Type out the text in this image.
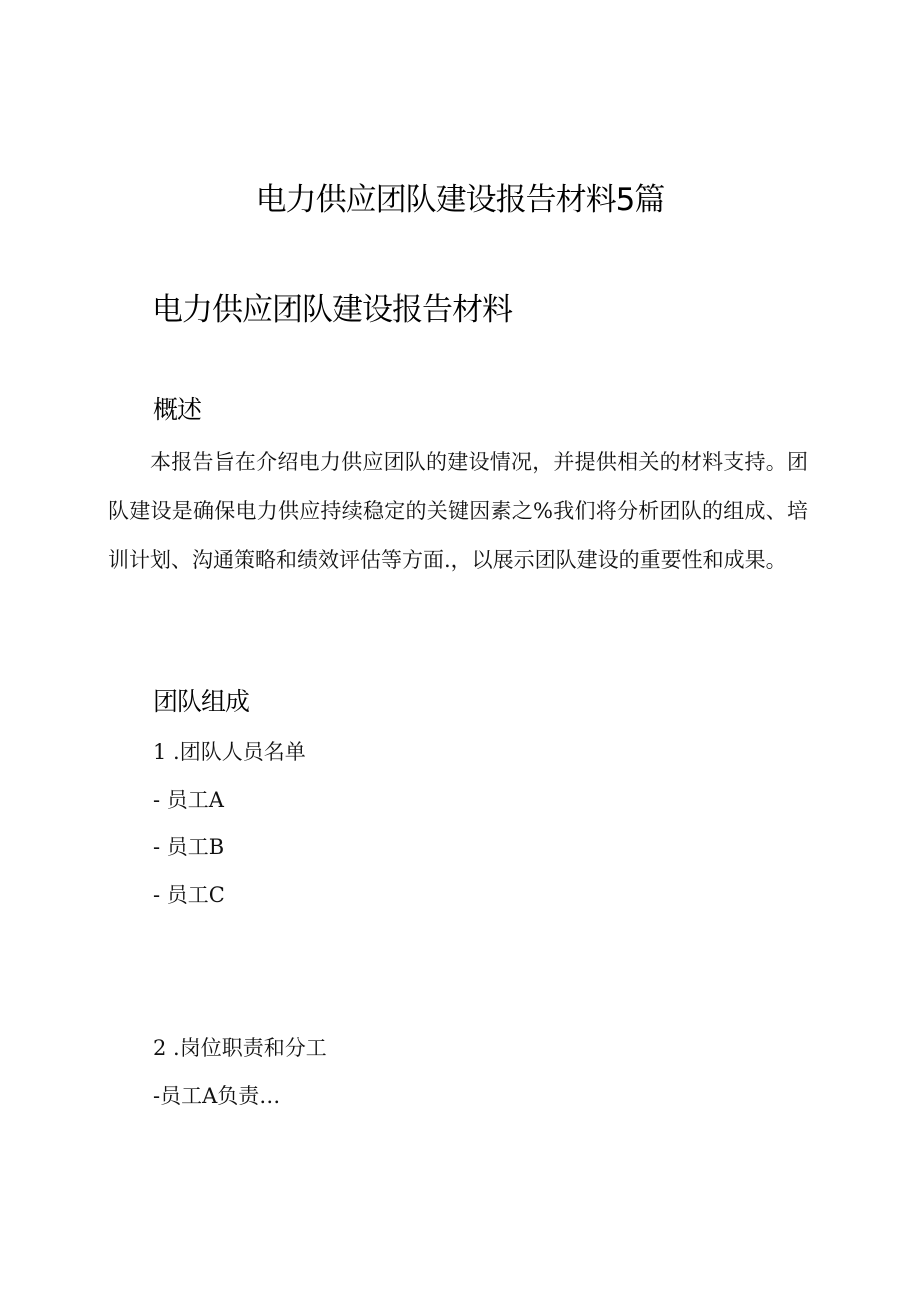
电力供应团队建设报告材料5篇
电力供应团队建设报告材料
概述

本报告旨在介绍电力供应团队的建设情况，并提供相关的材料支持。团队建设是确保电力供应持续稳定的关键因素之%我们将分析团队的组成、培训计划、沟通策略和绩效评估等方面.，以展示团队建设的重要性和成果。

团队组成

1 .团队人员名单

- 员工A

- 员工B

- 员工C

2 .岗位职责和分工

-员工A负责…
